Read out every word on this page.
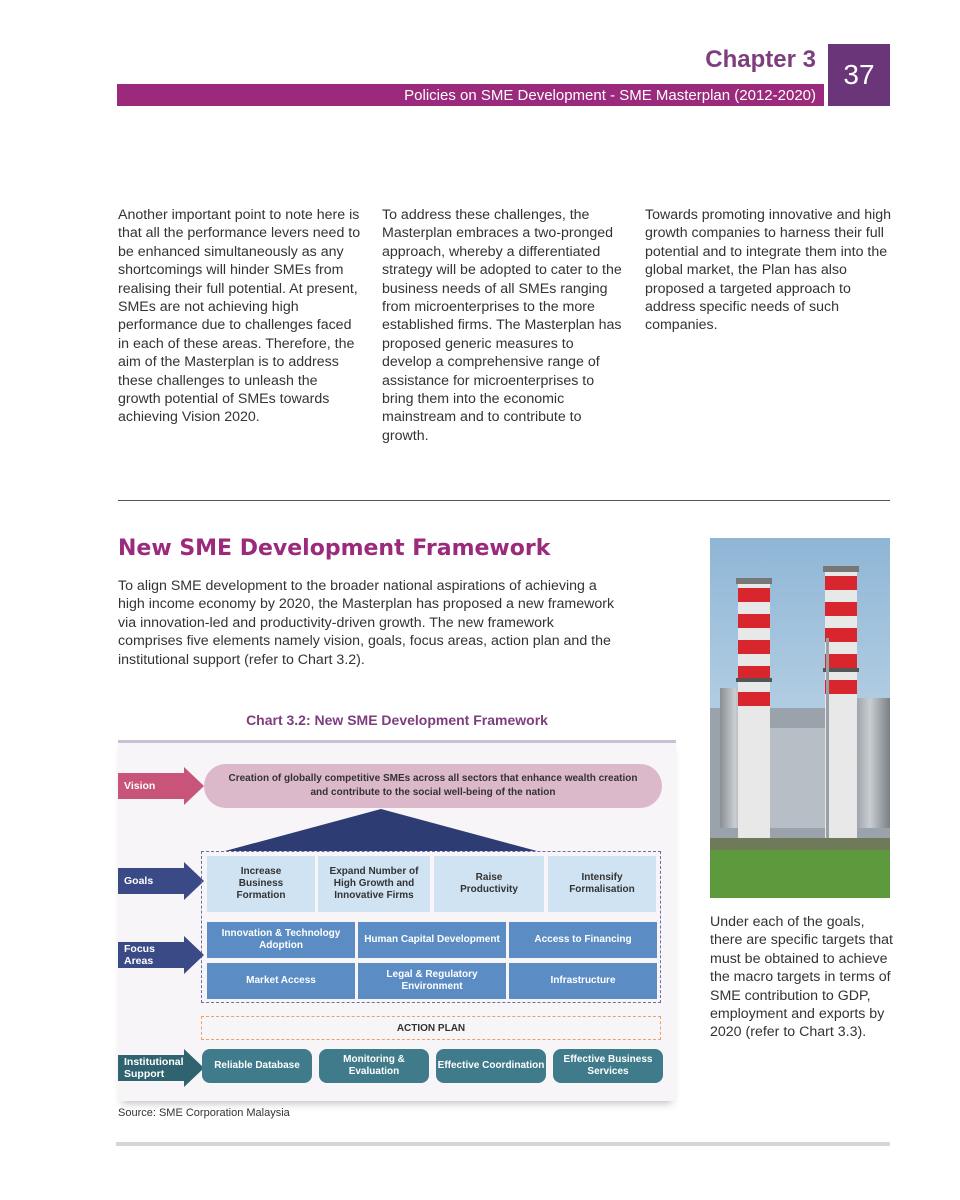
Chapter 3 37
Policies on SME Development - SME Masterplan (2012-2020)
Another important point to note here is that all the performance levers need to be enhanced simultaneously as any shortcomings will hinder SMEs from realising their full potential. At present, SMEs are not achieving high performance due to challenges faced in each of these areas. Therefore, the aim of the Masterplan is to address these challenges to unleash the growth potential of SMEs towards achieving Vision 2020.
To address these challenges, the Masterplan embraces a two-pronged approach, whereby a differentiated strategy will be adopted to cater to the business needs of all SMEs ranging from microenterprises to the more established firms. The Masterplan has proposed generic measures to develop a comprehensive range of assistance for microenterprises to bring them into the economic mainstream and to contribute to growth.
Towards promoting innovative and high growth companies to harness their full potential and to integrate them into the global market, the Plan has also proposed a targeted approach to address specific needs of such companies.
New SME Development Framework
To align SME development to the broader national aspirations of achieving a high income economy by 2020, the Masterplan has proposed a new framework via innovation-led and productivity-driven growth. The new framework comprises five elements namely vision, goals, focus areas, action plan and the institutional support (refer to Chart 3.2).
Chart 3.2: New SME Development Framework
Vision
Creation of globally competitive SMEs across all sectors that enhance wealth creation and contribute to the social well-being of the nation
Goals
Increase Business Formation
Expand Number of High Growth and Innovative Firms
Raise Productivity
Intensify Formalisation
Focus
Areas
Innovation & Technology Adoption
Human Capital Development	Access to Financing
Market Access
Legal & Regulatory Environment
Infrastructure
ACTION PLAN
Institutional
Support
Reliable Database
Monitoring & Evaluation
Effective Coordination
Effective Business Services
Source: SME Corporation Malaysia
Under each of the goals, there are specific targets that must be obtained to achieve the macro targets in terms of SME contribution to GDP, employment and exports by 2020 (refer to Chart 3.3).
